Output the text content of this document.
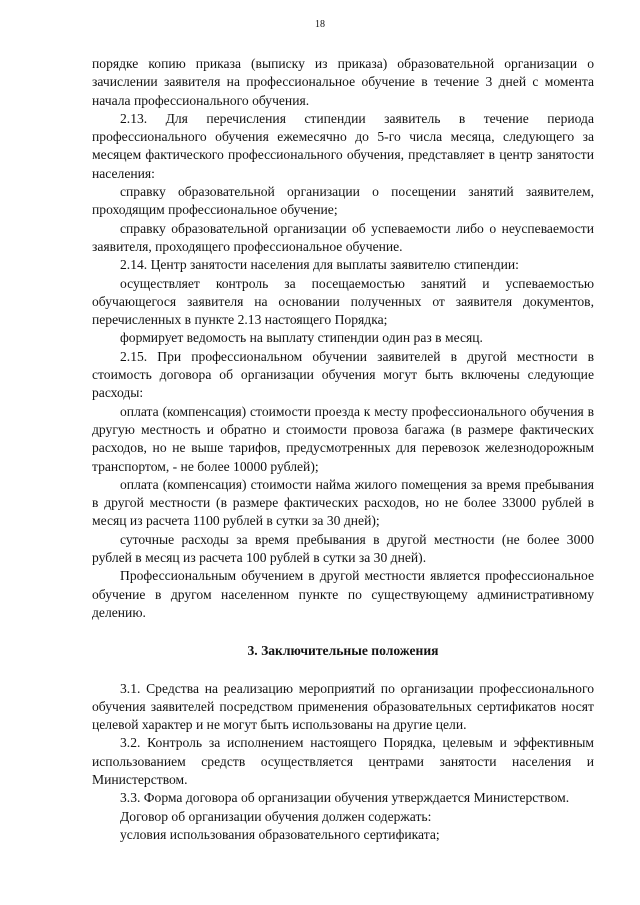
18

порядке копию приказа (выписку из приказа) образовательной организации о зачислении заявителя на профессиональное обучение в течение 3 дней с момента начала профессионального обучения.

2.13. Для перечисления стипендии заявитель в течение периода профессионального обучения ежемесячно до 5-го числа месяца, следующего за месяцем фактического профессионального обучения, представляет в центр занятости населения:

справку образовательной организации о посещении занятий заявителем, проходящим профессиональное обучение;

справку образовательной организации об успеваемости либо о неуспеваемости заявителя, проходящего профессиональное обучение.

2.14. Центр занятости населения для выплаты заявителю стипендии:

осуществляет контроль за посещаемостью занятий и успеваемостью обучающегося заявителя на основании полученных от заявителя документов, перечисленных в пункте 2.13 настоящего Порядка;

формирует ведомость на выплату стипендии один раз в месяц.

2.15. При профессиональном обучении заявителей в другой местности в стоимость договора об организации обучения могут быть включены следующие расходы:

оплата (компенсация) стоимости проезда к месту профессионального обучения в другую местность и обратно и стоимости провоза багажа (в размере фактических расходов, но не выше тарифов, предусмотренных для перевозок железнодорожным транспортом, - не более 10000 рублей);

оплата (компенсация) стоимости найма жилого помещения за время пребывания в другой местности (в размере фактических расходов, но не более 33000 рублей в месяц из расчета 1100 рублей в сутки за 30 дней);

суточные расходы за время пребывания в другой местности (не более 3000 рублей в месяц из расчета 100 рублей в сутки за 30 дней).

Профессиональным обучением в другой местности является профессиональное обучение в другом населенном пункте по существующему административному делению.

3. Заключительные положения

3.1. Средства на реализацию мероприятий по организации профессионального обучения заявителей посредством применения образовательных сертификатов носят целевой характер и не могут быть использованы на другие цели.

3.2. Контроль за исполнением настоящего Порядка, целевым и эффективным использованием средств осуществляется центрами занятости населения и Министерством.

3.3. Форма договора об организации обучения утверждается Министерством.

Договор об организации обучения должен содержать:

условия использования образовательного сертификата;
